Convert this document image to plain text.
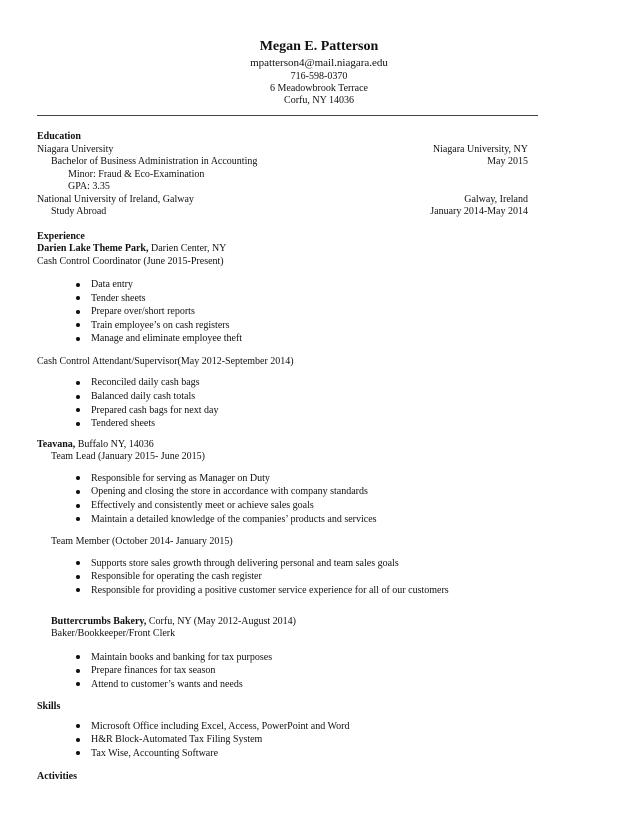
Megan E. Patterson
mpatterson4@mail.niagara.edu
716-598-0370
6 Meadowbrook Terrace
Corfu, NY 14036
Education
Niagara University	Niagara University, NY
Bachelor of Business Administration in Accounting	May 2015
Minor: Fraud & Eco-Examination
GPA: 3.35
National University of Ireland, Galway	Galway, Ireland
Study Abroad	January 2014-May 2014
Experience
Darien Lake Theme Park, Darien Center, NY
Cash Control Coordinator (June 2015-Present)
Data entry
Tender sheets
Prepare over/short reports
Train employee’s on cash registers
Manage and eliminate employee theft
Cash Control Attendant/Supervisor(May 2012-September 2014)
Reconciled daily cash bags
Balanced daily cash totals
Prepared cash bags for next day
Tendered sheets
Teavana, Buffalo NY, 14036
Team Lead (January 2015- June 2015)
Responsible for serving as Manager on Duty
Opening and closing the store in accordance with company standards
Effectively and consistently meet or achieve sales goals
Maintain a detailed knowledge of the companies’ products and services
Team Member (October 2014- January 2015)
Supports store sales growth through delivering personal and team sales goals
Responsible for operating the cash register
Responsible for providing a positive customer service experience for all of our customers
Buttercrumbs Bakery, Corfu, NY (May 2012-August 2014)
Baker/Bookkeeper/Front Clerk
Maintain books and banking for tax purposes
Prepare finances for tax season
Attend to customer’s wants and needs
Skills
Microsoft Office including Excel, Access, PowerPoint and Word
H&R Block-Automated Tax Filing System
Tax Wise, Accounting Software
Activities
